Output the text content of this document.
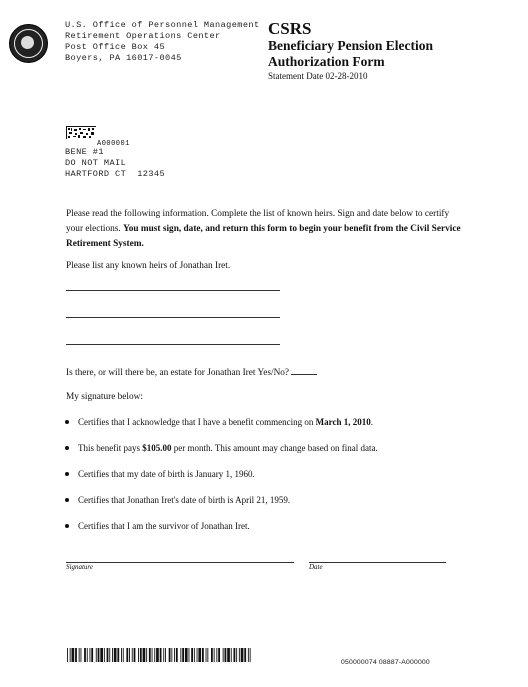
U.S. Office of Personnel Management
Retirement Operations Center
Post Office Box 45
Boyers, PA 16017-0045
CSRS
Beneficiary Pension Election
Authorization Form
Statement Date 02-28-2010
A000001
BENE #1
DO NOT MAIL
HARTFORD CT  12345
Please read the following information. Complete the list of known heirs. Sign and date below to certify your elections. You must sign, date, and return this form to begin your benefit from the Civil Service Retirement System.
Please list any known heirs of Jonathan Iret.
Is there, or will there be, an estate for Jonathan Iret Yes/No?
My signature below:
Certifies that I acknowledge that I have a benefit commencing on March 1, 2010.
This benefit pays $105.00 per month. This amount may change based on final data.
Certifies that my date of birth is January 1, 1960.
Certifies that Jonathan Iret's date of birth is April 21, 1959.
Certifies that I am the survivor of Jonathan Iret.
Signature	Date
050000074 08887-A000000
